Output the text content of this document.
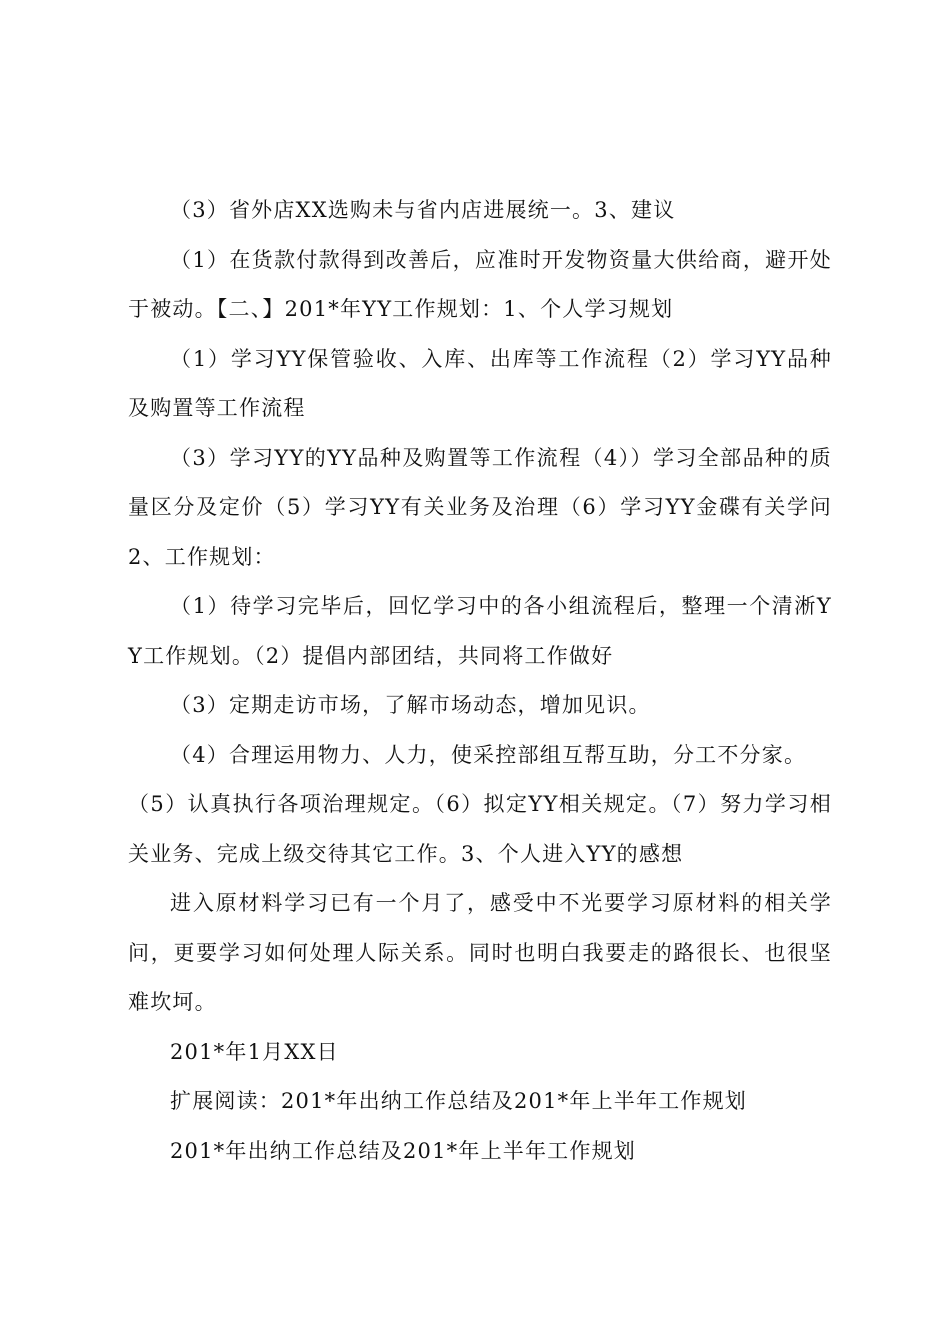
（3）省外店XX选购未与省内店进展统一。3、建议

（1）在货款付款得到改善后，应准时开发物资量大供给商，避开处于被动。【二、】201*年YY工作规划：1、个人学习规划

（1）学习YY保管验收、入库、出库等工作流程（2）学习YY品种及购置等工作流程

（3）学习YY的YY品种及购置等工作流程（4））学习全部品种的质量区分及定价（5）学习YY有关业务及治理（6）学习YY金碟有关学问2、工作规划：

（1）待学习完毕后，回忆学习中的各小组流程后，整理一个清淅YY工作规划。（2）提倡内部团结，共同将工作做好

（3）定期走访市场，了解市场动态，增加见识。

（4）合理运用物力、人力，使采控部组互帮互助，分工不分家。

（5）认真执行各项治理规定。（6）拟定YY相关规定。（7）努力学习相关业务、完成上级交待其它工作。3、个人进入YY的感想

进入原材料学习已有一个月了，感受中不光要学习原材料的相关学问，更要学习如何处理人际关系。同时也明白我要走的路很长、也很坚难坎坷。

201*年1月XX日

扩展阅读：201*年出纳工作总结及201*年上半年工作规划

201*年出纳工作总结及201*年上半年工作规划
